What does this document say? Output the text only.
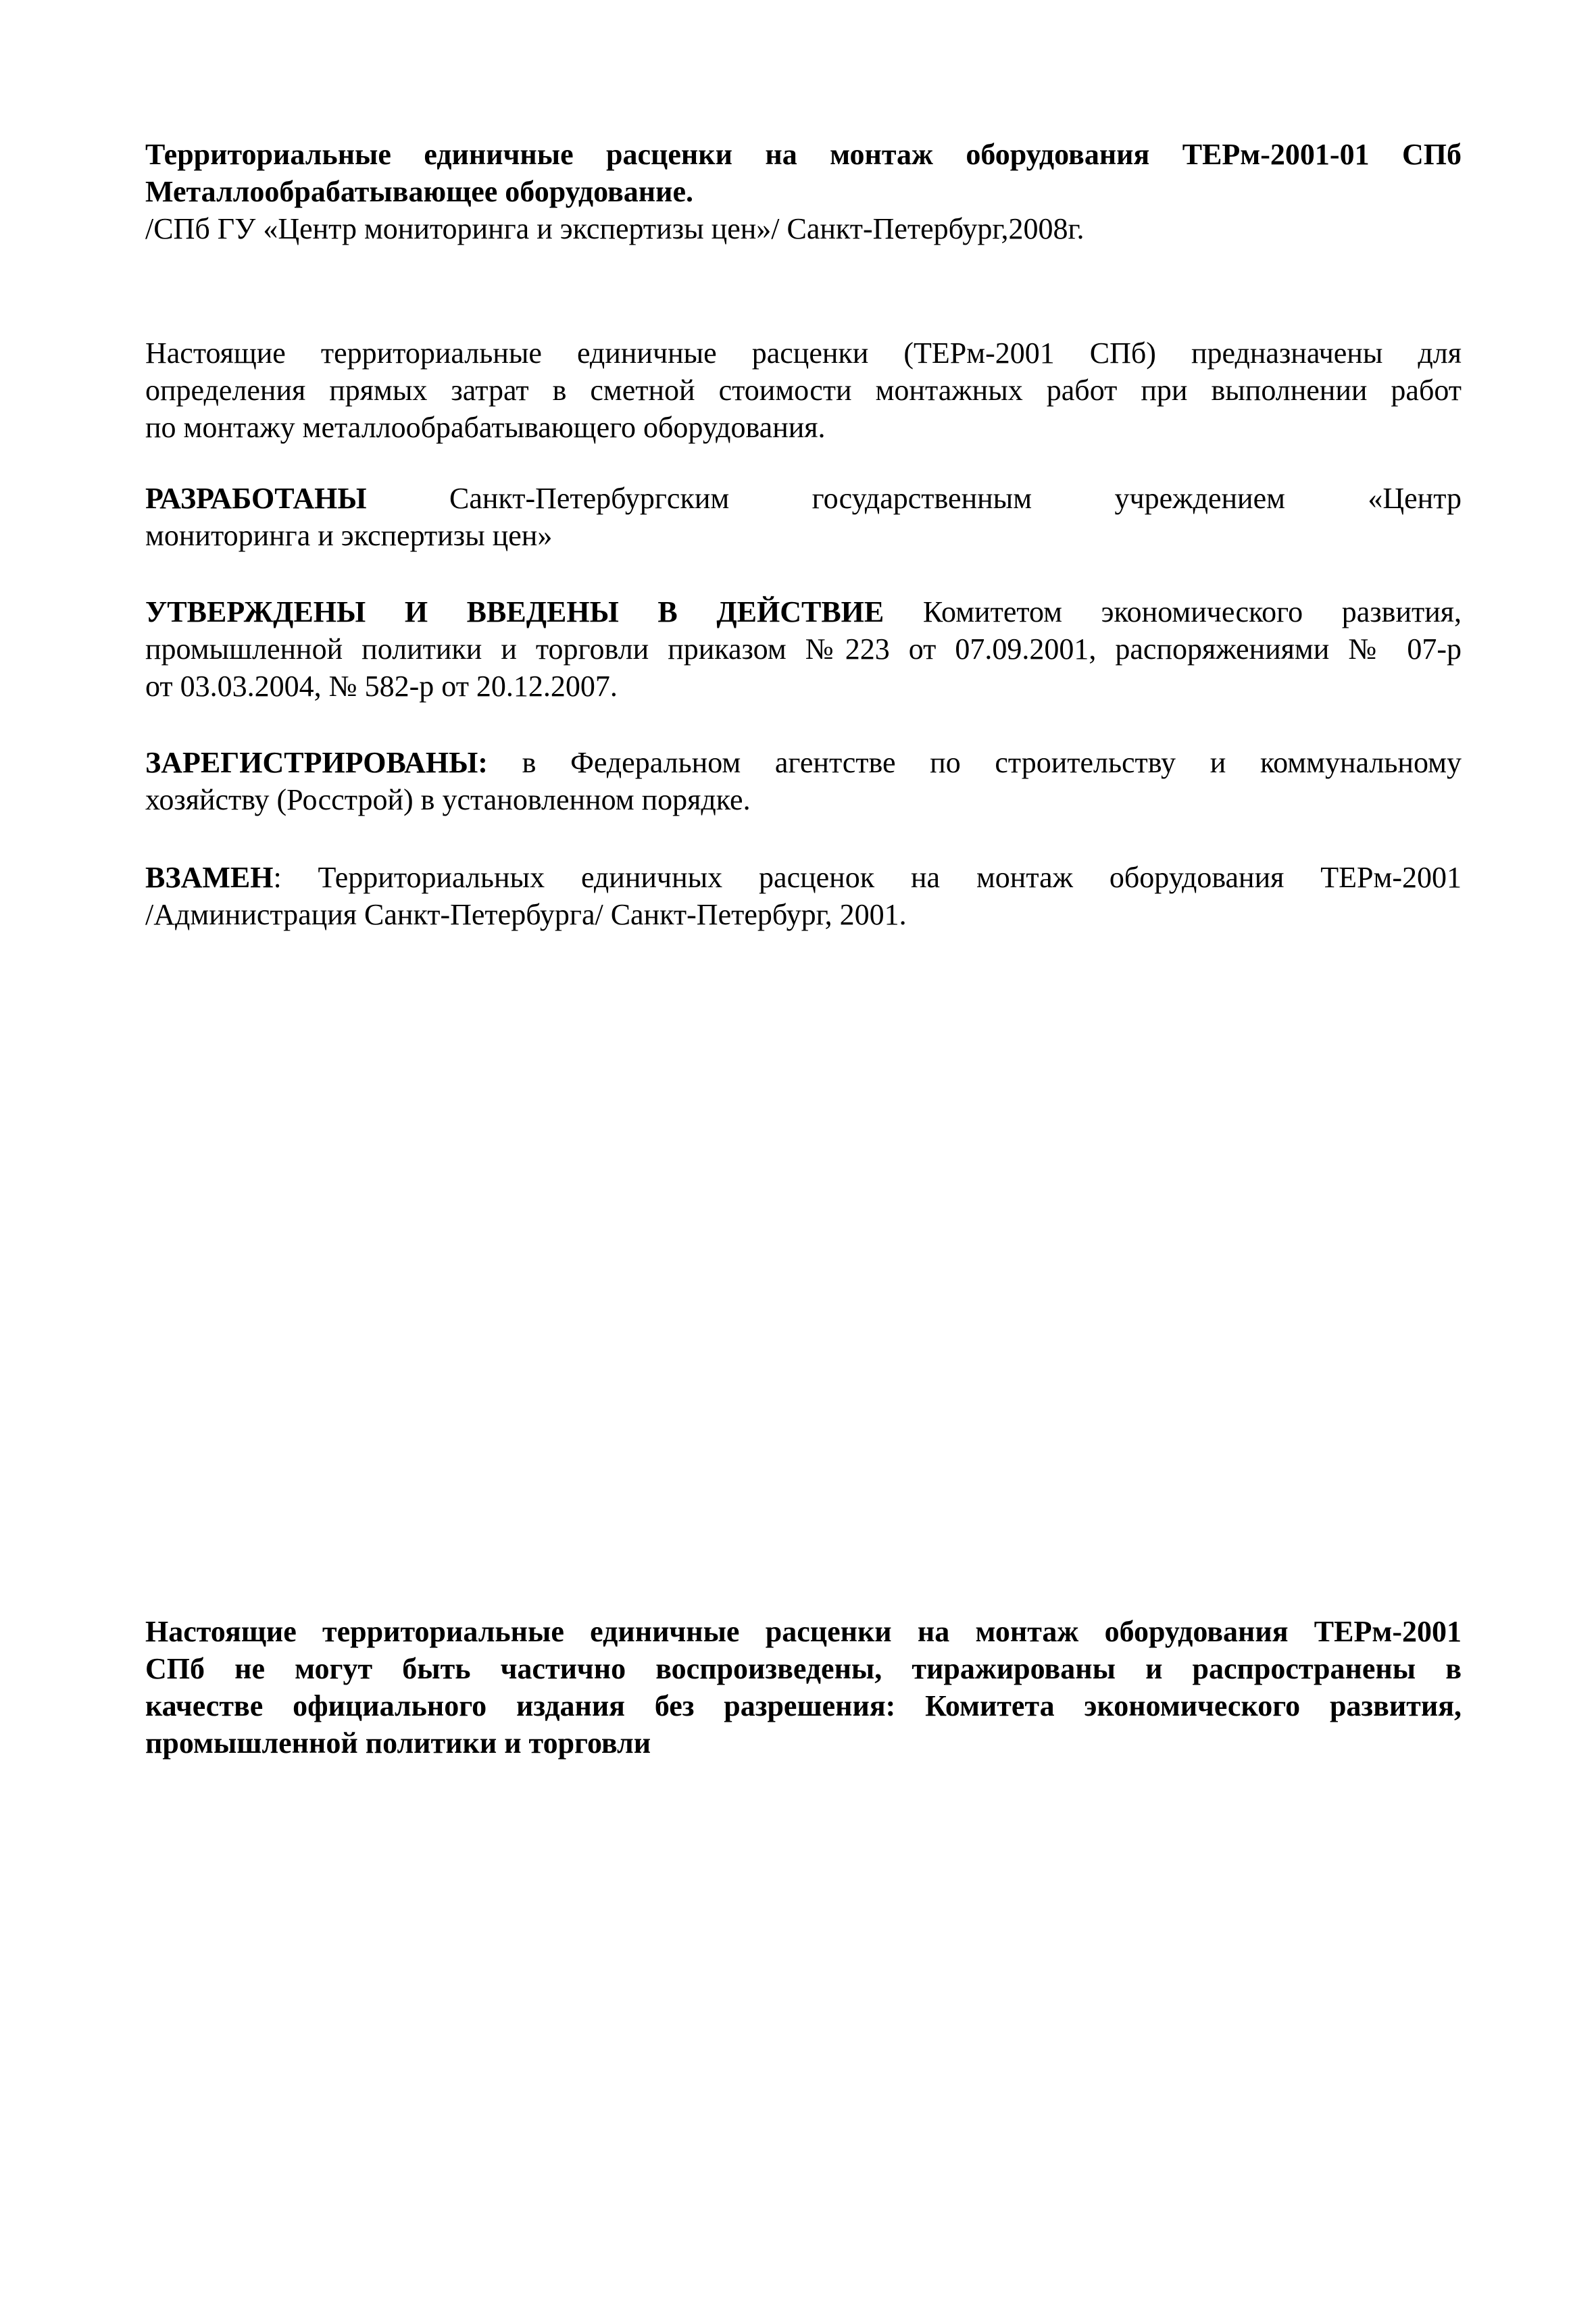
Территориальные единичные расценки на монтаж оборудования ТЕРм-2001-01 СПб
Металлообрабатывающее оборудование.
/СПб ГУ «Центр мониторинга и экспертизы цен»/ Санкт-Петербург,2008г.
Настоящие территориальные единичные расценки (ТЕРм-2001 СПб) предназначены для
определения прямых затрат в сметной стоимости монтажных работ при выполнении работ
по монтажу металлообрабатывающего оборудования.
РАЗРАБОТАНЫ Санкт-Петербургским государственным учреждением «Центр
мониторинга и экспертизы цен»
УТВЕРЖДЕНЫ И ВВЕДЕНЫ В ДЕЙСТВИЕ Комитетом экономического развития,
промышленной политики и торговли приказом №223 от 07.09.2001, распоряжениями № 07-р
от 03.03.2004, № 582-р от 20.12.2007.
ЗАРЕГИСТРИРОВАНЫ: в Федеральном агентстве по строительству и коммунальному
хозяйству (Росстрой) в установленном порядке.
ВЗАМЕН: Территориальных единичных расценок на монтаж оборудования ТЕРм-2001
/Администрация Санкт-Петербурга/ Санкт-Петербург, 2001.
Настоящие территориальные единичные расценки на монтаж оборудования ТЕРм-2001
СПб не могут быть частично воспроизведены, тиражированы и распространены в
качестве официального издания без разрешения: Комитета экономического развития,
промышленной политики и торговли
